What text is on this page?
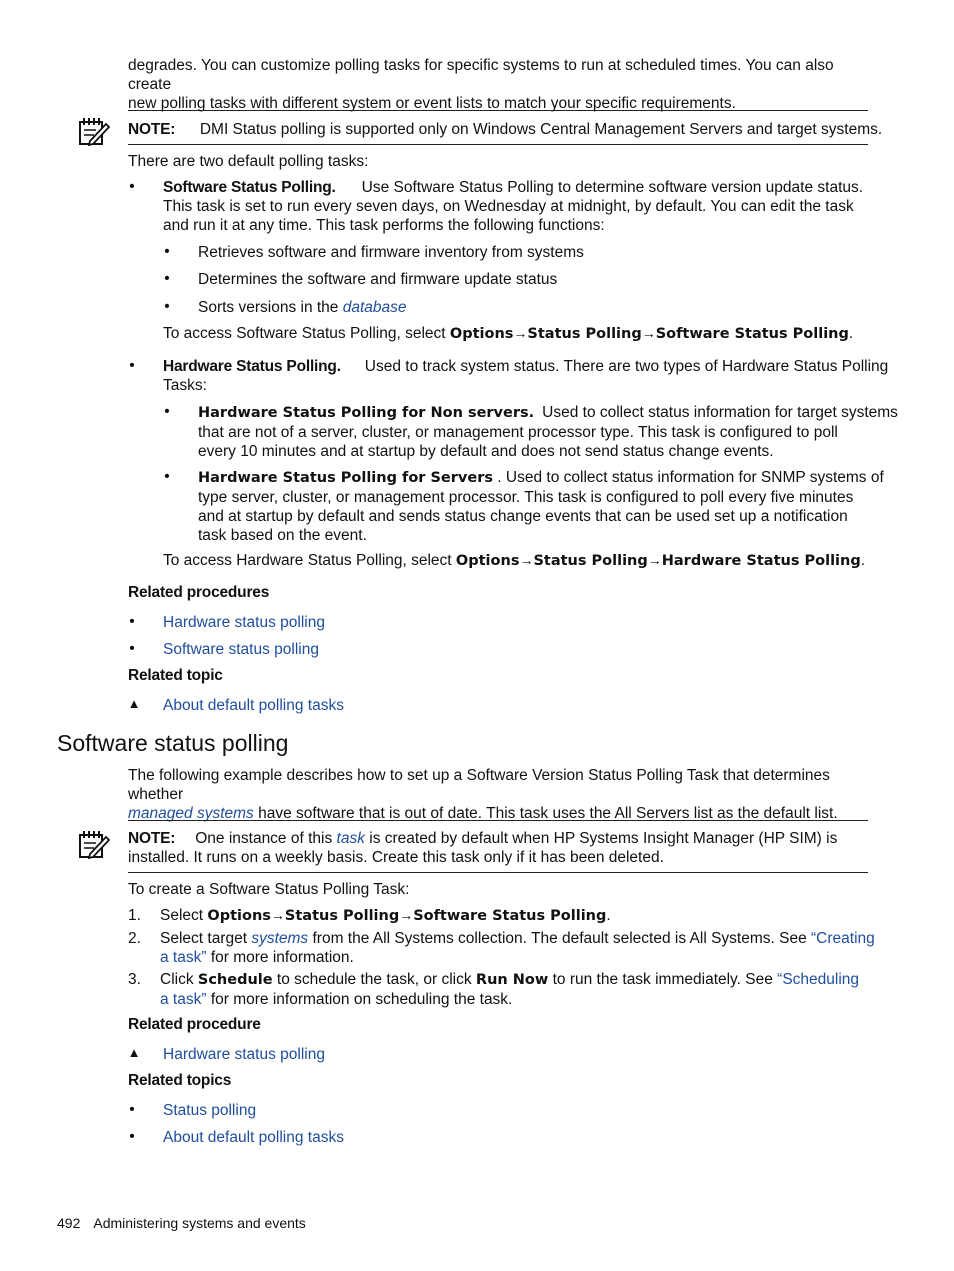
degrades. You can customize polling tasks for specific systems to run at scheduled times. You can also create
new polling tasks with different system or event lists to match your specific requirements.
NOTE: DMI Status polling is supported only on Windows Central Management Servers and target systems.
There are two default polling tasks:
• Software Status Polling. Use Software Status Polling to determine software version update status.
This task is set to run every seven days, on Wednesday at midnight, by default. You can edit the task
and run it at any time. This task performs the following functions:
• Retrieves software and firmware inventory from systems
• Determines the software and firmware update status
• Sorts versions in the database
To access Software Status Polling, select Options→Status Polling→Software Status Polling.
• Hardware Status Polling. Used to track system status. There are two types of Hardware Status Polling
Tasks:
• Hardware Status Polling for Non servers. Used to collect status information for target systems
that are not of a server, cluster, or management processor type. This task is configured to poll
every 10 minutes and at startup by default and does not send status change events.
• Hardware Status Polling for Servers . Used to collect status information for SNMP systems of
type server, cluster, or management processor. This task is configured to poll every five minutes
and at startup by default and sends status change events that can be used set up a notification
task based on the event.
To access Hardware Status Polling, select Options→Status Polling→Hardware Status Polling.
Related procedures
• Hardware status polling
• Software status polling
Related topic
▲ About default polling tasks
Software status polling
The following example describes how to set up a Software Version Status Polling Task that determines whether
managed systems have software that is out of date. This task uses the All Servers list as the default list.
NOTE: One instance of this task is created by default when HP Systems Insight Manager (HP SIM) is
installed. It runs on a weekly basis. Create this task only if it has been deleted.
To create a Software Status Polling Task:
1.	Select Options→Status Polling→Software Status Polling.
2.	Select target systems from the All Systems collection. The default selected is All Systems. See “Creating
a task” for more information.
3.	Click Schedule to schedule the task, or click Run Now to run the task immediately. See “Scheduling
a task” for more information on scheduling the task.
Related procedure
▲ Hardware status polling
Related topics
• Status polling
• About default polling tasks
492 Administering systems and events
